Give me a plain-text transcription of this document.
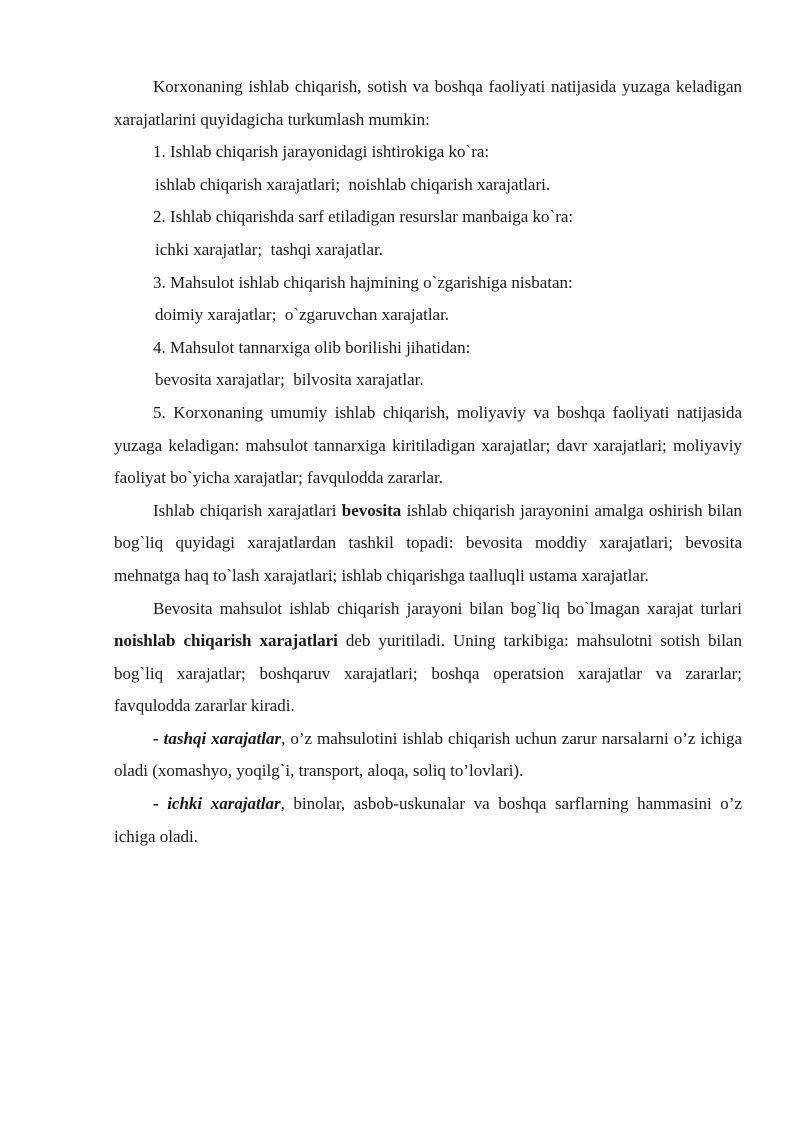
Korxonaning ishlab chiqarish, sotish va boshqa faoliyati natijasida yuzaga keladigan xarajatlarini quyidagicha turkumlash mumkin:

1. Ishlab chiqarish jarayonidagi ishtirokiga ko`ra:

ishlab chiqarish xarajatlari;  noishlab chiqarish xarajatlari.

2. Ishlab chiqarishda sarf etiladigan resurslar manbaiga ko`ra:

ichki xarajatlar;  tashqi xarajatlar.

3. Mahsulot ishlab chiqarish hajmining o`zgarishiga nisbatan:

doimiy xarajatlar;  o`zgaruvchan xarajatlar.

4. Mahsulot tannarxiga olib borilishi jihatidan:

bevosita xarajatlar;  bilvosita xarajatlar.

5. Korxonaning umumiy ishlab chiqarish, moliyaviy va boshqa faoliyati natijasida yuzaga keladigan: mahsulot tannarxiga kiritiladigan xarajatlar; davr xarajatlari; moliyaviy faoliyat bo`yicha xarajatlar; favqulodda zararlar.

Ishlab chiqarish xarajatlari bevosita ishlab chiqarish jarayonini amalga oshirish bilan bog`liq quyidagi xarajatlardan tashkil topadi: bevosita moddiy xarajatlari; bevosita mehnatga haq to`lash xarajatlari; ishlab chiqarishga taalluqli ustama xarajatlar.

Bevosita mahsulot ishlab chiqarish jarayoni bilan bog`liq bo`lmagan xarajat turlari noishlab chiqarish xarajatlari deb yuritiladi. Uning tarkibiga: mahsulotni sotish bilan bog`liq xarajatlar; boshqaruv xarajatlari; boshqa operatsion xarajatlar va zararlar; favqulodda zararlar kiradi.

- tashqi xarajatlar, o’z mahsulotini ishlab chiqarish uchun zarur narsalarni o’z ichiga oladi (xomashyo, yoqilg`i, transport, aloqa, soliq to’lovlari).

- ichki xarajatlar, binolar, asbob-uskunalar va boshqa sarflarning hammasini o’z ichiga oladi.
